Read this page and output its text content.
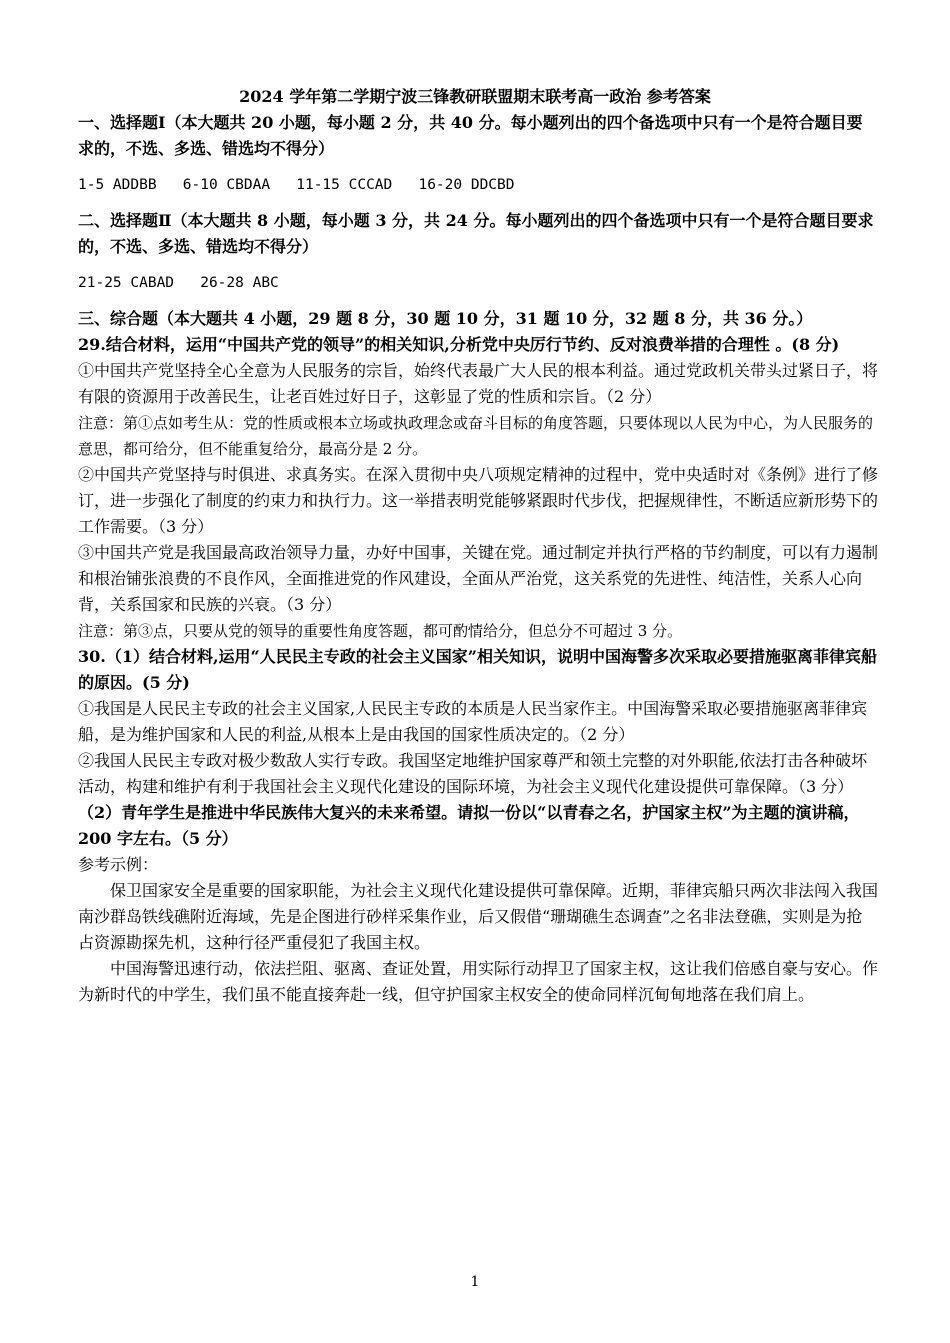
2024 学年第二学期宁波三锋教研联盟期末联考高一政治 参考答案

一、选择题Ⅰ（本大题共 20 小题，每小题 2 分，共 40 分。每小题列出的四个备选项中只有一个是符合题目要求的，不选、多选、错选均不得分）

1-5 ADDBB   6-10 CBDAA   11-15 CCCAD   16-20 DDCBD

二、选择题Ⅱ（本大题共 8 小题，每小题 3 分，共 24 分。每小题列出的四个备选项中只有一个是符合题目要求的，不选、多选、错选均不得分）

21-25 CABAD   26-28 ABC

三、综合题（本大题共 4 小题，29 题 8 分，30 题 10 分，31 题 10 分，32 题 8 分，共 36 分。）

29.结合材料，运用“中国共产党的领导”的相关知识,分析党中央厉行节约、反对浪费举措的合理性 。(8 分)

①中国共产党坚持全心全意为人民服务的宗旨，始终代表最广大人民的根本利益。通过党政机关带头过紧日子，将有限的资源用于改善民生，让老百姓过好日子，这彰显了党的性质和宗旨。（2 分）

注意：第①点如考生从：党的性质或根本立场或执政理念或奋斗目标的角度答题，只要体现以人民为中心，为人民服务的意思，都可给分，但不能重复给分，最高分是 2 分。

②中国共产党坚持与时俱进、求真务实。在深入贯彻中央八项规定精神的过程中，党中央适时对《条例》进行了修订，进一步强化了制度的约束力和执行力。这一举措表明党能够紧跟时代步伐，把握规律性，不断适应新形势下的工作需要。（3 分）

③中国共产党是我国最高政治领导力量，办好中国事，关键在党。通过制定并执行严格的节约制度，可以有力遏制和根治铺张浪费的不良作风，全面推进党的作风建设，全面从严治党，这关系党的先进性、纯洁性，关系人心向背，关系国家和民族的兴衰。（3 分）

注意：第③点，只要从党的领导的重要性角度答题，都可酌情给分，但总分不可超过 3 分。

30.（1）结合材料,运用“人民民主专政的社会主义国家”相关知识，说明中国海警多次采取必要措施驱离菲律宾船的原因。(5 分)

①我国是人民民主专政的社会主义国家,人民民主专政的本质是人民当家作主。中国海警采取必要措施驱离菲律宾船，是为维护国家和人民的利益,从根本上是由我国的国家性质决定的。（2 分）

②我国人民民主专政对极少数敌人实行专政。我国坚定地维护国家尊严和领土完整的对外职能,依法打击各种破坏活动，构建和维护有利于我国社会主义现代化建设的国际环境，为社会主义现代化建设提供可靠保障。（3 分）

（2）青年学生是推进中华民族伟大复兴的未来希望。请拟一份以“以青春之名，护国家主权”为主题的演讲稿，200 字左右。（5 分）

参考示例：

保卫国家安全是重要的国家职能，为社会主义现代化建设提供可靠保障。近期，菲律宾船只两次非法闯入我国南沙群岛铁线礁附近海域，先是企图进行砂样采集作业，后又假借“珊瑚礁生态调查”之名非法登礁，实则是为抢占资源勘探先机，这种行径严重侵犯了我国主权。

中国海警迅速行动，依法拦阻、驱离、查证处置，用实际行动捍卫了国家主权，这让我们倍感自豪与安心。作为新时代的中学生，我们虽不能直接奔赴一线，但守护国家主权安全的使命同样沉甸甸地落在我们肩上。

1
